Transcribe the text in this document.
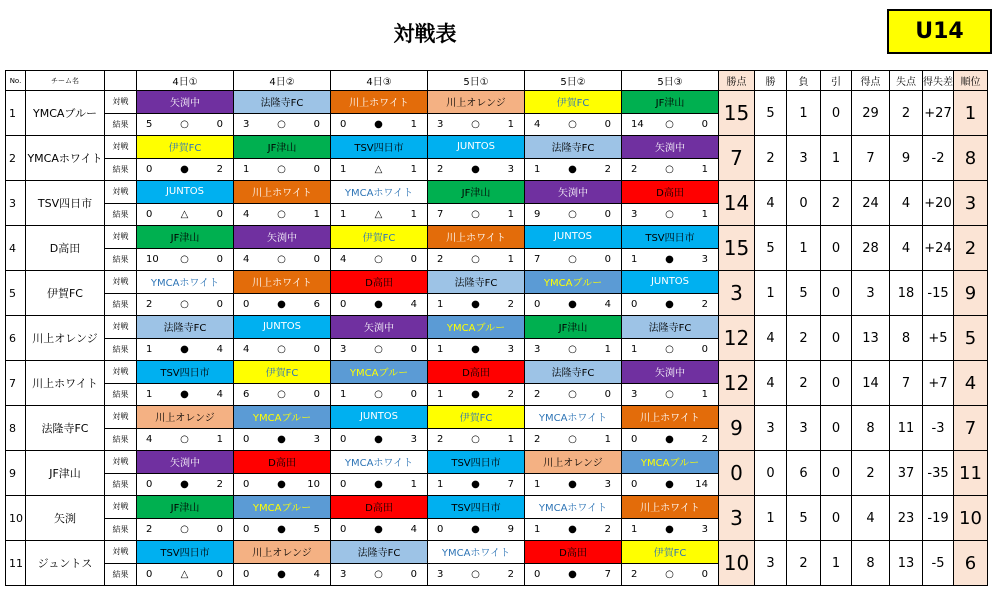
対戦表	U14
No.	チーム名		4日①	4日②	4日③	5日①	5日②	5日③	勝点	勝	負	引	得点	失点	得失差	順位
1	YMCAブルー	対戦	矢渕中	法隆寺FC	川上ホワイト	川上オレンジ	伊賀FC	JF津山	15	5	1	0	29	2	+27	1
		結果	5 ○ 0	3 ○ 0	0 ● 1	3 ○ 1	4 ○ 0	14 ○ 0								

2	YMCAホワイト	対戦	伊賀FC	JF津山	TSV四日市	JUNTOS	法隆寺FC	矢渕中	7	2	3	1	7	9	-2	8
		結果	0 ● 2	1 ○ 0	1 △ 1	2 ● 3	1 ● 2	2 ○ 1								

3	TSV四日市	対戦	JUNTOS	川上ホワイト	YMCAホワイト	JF津山	矢渕中	D高田	14	4	0	2	24	4	+20	3
		結果	0 △ 0	4 ○ 1	1 △ 1	7 ○ 1	9 ○ 0	3 ○ 1								

4	D高田	対戦	JF津山	矢渕中	伊賀FC	川上ホワイト	JUNTOS	TSV四日市	15	5	1	0	28	4	+24	2
		結果	10 ○ 0	4 ○ 0	4 ○ 0	2 ○ 1	7 ○ 0	1 ● 3								

5	伊賀FC	対戦	YMCAホワイト	川上ホワイト	D高田	法隆寺FC	YMCAブルー	JUNTOS	3	1	5	0	3	18	-15	9
		結果	2 ○ 0	0 ● 6	0 ● 4	1 ● 2	0 ● 4	0 ● 2								

6	川上オレンジ	対戦	法隆寺FC	JUNTOS	矢渕中	YMCAブルー	JF津山	法隆寺FC	12	4	2	0	13	8	+5	5
		結果	1 ● 4	4 ○ 0	3 ○ 0	1 ● 3	3 ○ 1	1 ○ 0								

7	川上ホワイト	対戦	TSV四日市	伊賀FC	YMCAブルー	D高田	法隆寺FC	矢渕中	12	4	2	0	14	7	+7	4
		結果	1 ● 4	6 ○ 0	1 ○ 0	1 ● 2	2 ○ 0	3 ○ 1								

8	法隆寺FC	対戦	川上オレンジ	YMCAブルー	JUNTOS	伊賀FC	YMCAホワイト	川上ホワイト	9	3	3	0	8	11	-3	7
		結果	4 ○ 1	0 ● 3	0 ● 3	2 ○ 1	2 ○ 1	0 ● 2								

9	JF津山	対戦	矢渕中	D高田	YMCAホワイト	TSV四日市	川上オレンジ	YMCAブルー	0	0	6	0	2	37	-35	11
		結果	0 ● 2	0 ● 10	0 ● 1	1 ● 7	1 ● 3	0 ● 14								

10	矢渕	対戦	JF津山	YMCAブルー	D高田	TSV四日市	YMCAホワイト	川上ホワイト	3	1	5	0	4	23	-19	10
		結果	2 ○ 0	0 ● 5	0 ● 4	0 ● 9	1 ● 2	1 ● 3								

11	ジュントス	対戦	TSV四日市	川上オレンジ	法隆寺FC	YMCAホワイト	D高田	伊賀FC	10	3	2	1	8	13	-5	6
		結果	0 △ 0	0 ● 4	3 ○ 0	3 ○ 2	0 ● 7	2 ○ 0								
